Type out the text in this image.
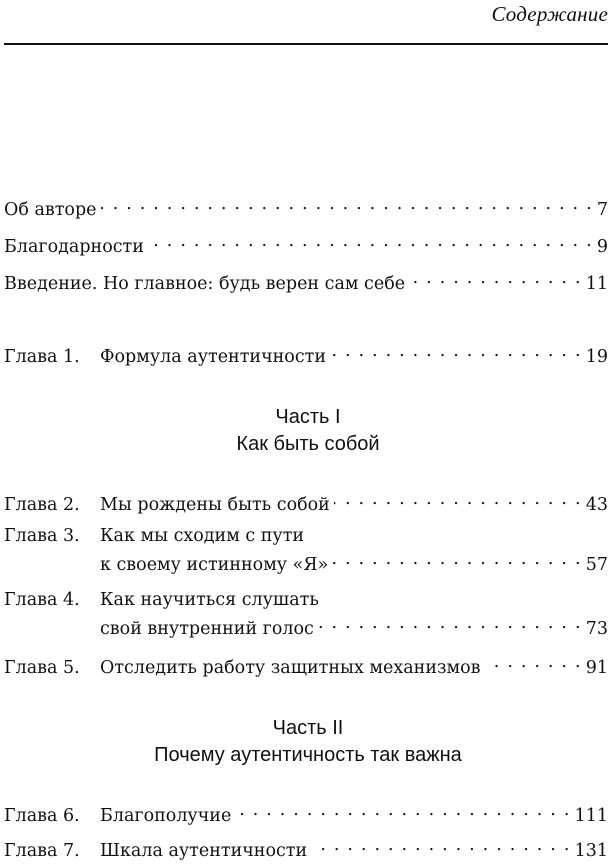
Содержание
Об авторе . . .	7
Благодарности . . .	9
Введение. Но главное: будь верен сам себе . . .	11
Глава 1.	Формула аутентичности . . .	19
Часть I
Как быть собой
Глава 2.	Мы рождены быть собой . . .	43
Глава 3.	Как мы сходим с пути
к своему истинному «Я» . . .	57
Глава 4.	Как научиться слушать
свой внутренний голос . . .	73
Глава 5.	Отследить работу защитных механизмов . . .	91
Часть II
Почему аутентичность так важна
Глава 6.	Благополучие . . .	111
Глава 7.	Шкала аутентичности . . .	131
